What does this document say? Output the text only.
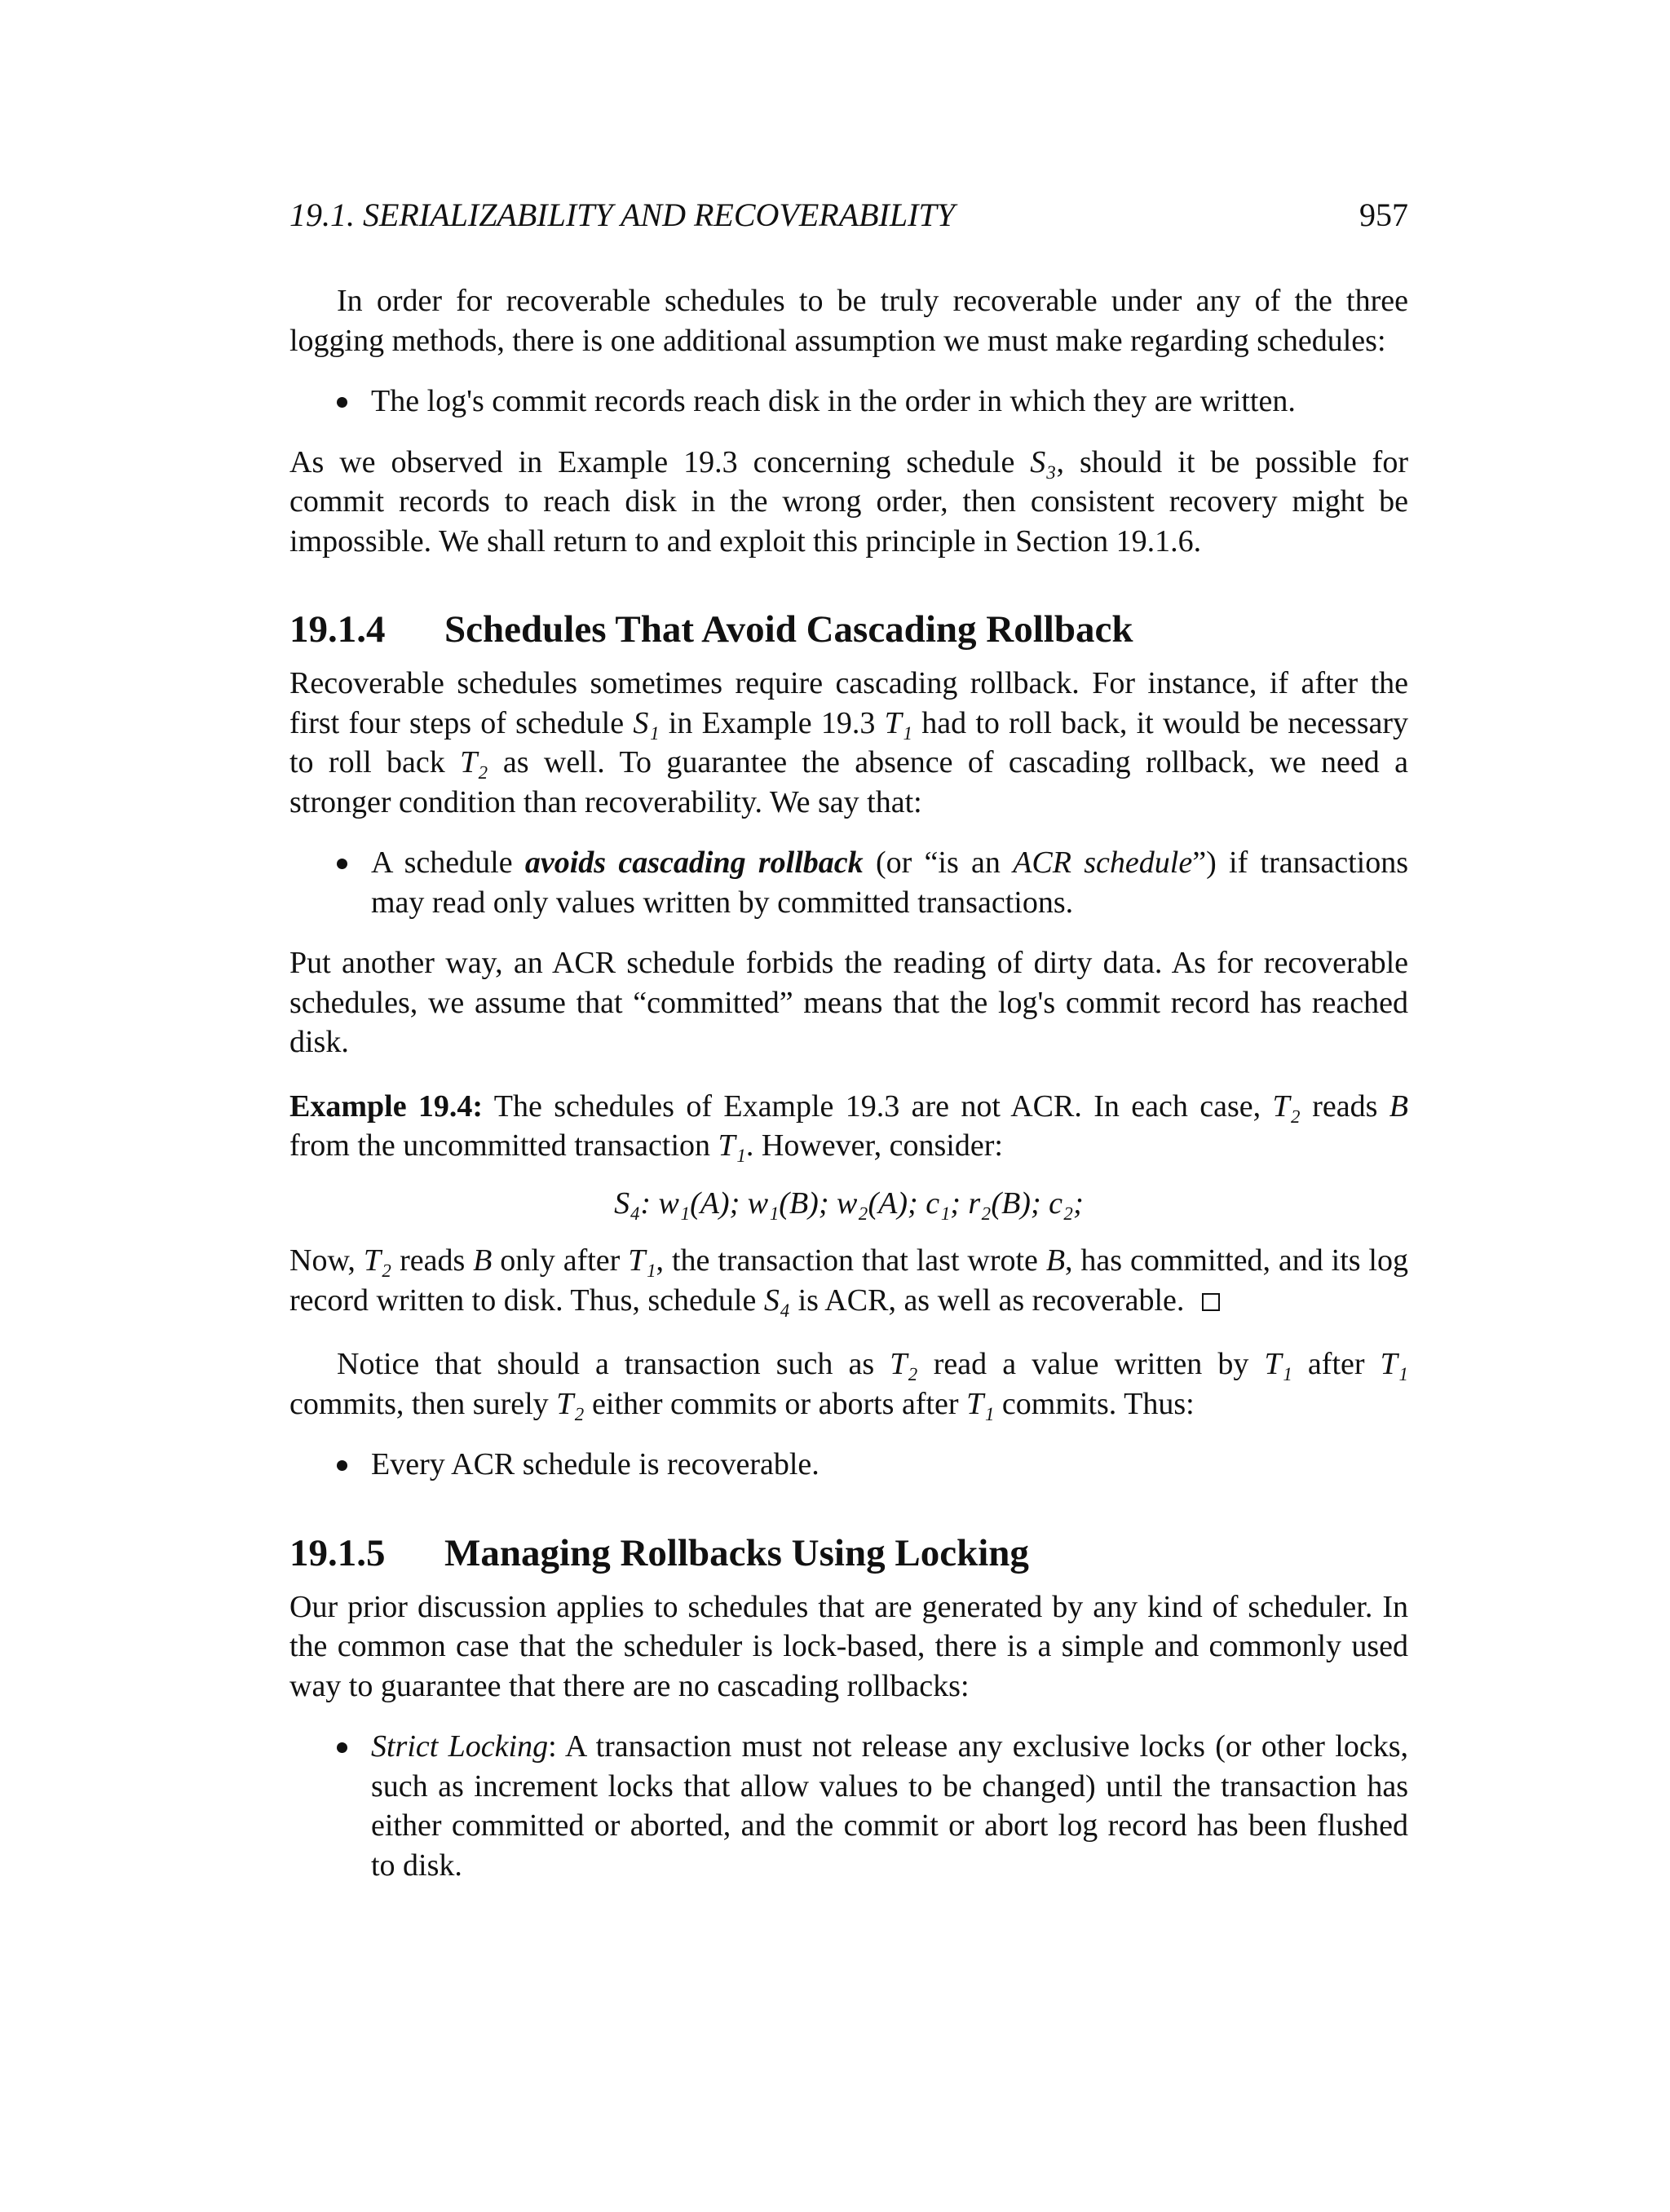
19.1. SERIALIZABILITY AND RECOVERABILITY	957

In order for recoverable schedules to be truly recoverable under any of the three logging methods, there is one additional assumption we must make regarding schedules:

The log's commit records reach disk in the order in which they are written.

As we observed in Example 19.3 concerning schedule S₃, should it be possible for commit records to reach disk in the wrong order, then consistent recovery might be impossible. We shall return to and exploit this principle in Section 19.1.6.

19.1.4 Schedules That Avoid Cascading Rollback

Recoverable schedules sometimes require cascading rollback. For instance, if after the first four steps of schedule S₁ in Example 19.3 T₁ had to roll back, it would be necessary to roll back T₂ as well. To guarantee the absence of cascading rollback, we need a stronger condition than recoverability. We say that:

A schedule avoids cascading rollback (or “is an ACR schedule”) if transactions may read only values written by committed transactions.

Put another way, an ACR schedule forbids the reading of dirty data. As for recoverable schedules, we assume that “committed” means that the log's commit record has reached disk.

Example 19.4: The schedules of Example 19.3 are not ACR. In each case, T₂ reads B from the uncommitted transaction T₁. However, consider:

S₄: w₁(A); w₁(B); w₂(A); c₁; r₂(B); c₂;

Now, T₂ reads B only after T₁, the transaction that last wrote B, has committed, and its log record written to disk. Thus, schedule S₄ is ACR, as well as recoverable.

Notice that should a transaction such as T₂ read a value written by T₁ after T₁ commits, then surely T₂ either commits or aborts after T₁ commits. Thus:

Every ACR schedule is recoverable.
19.1.5 Managing Rollbacks Using Locking

Our prior discussion applies to schedules that are generated by any kind of scheduler. In the common case that the scheduler is lock-based, there is a simple and commonly used way to guarantee that there are no cascading rollbacks:

Strict Locking: A transaction must not release any exclusive locks (or other locks, such as increment locks that allow values to be changed) until the transaction has either committed or aborted, and the commit or abort log record has been flushed to disk.
